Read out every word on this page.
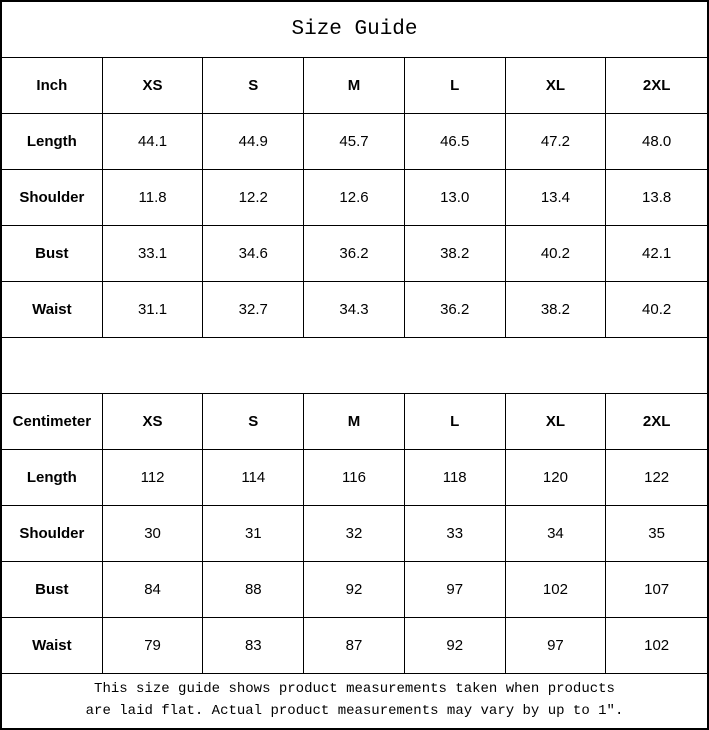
Size Guide
Inch	XS	S	M	L	XL	2XL
Length	44.1	44.9	45.7	46.5	47.2	48.0
Shoulder	11.8	12.2	12.6	13.0	13.4	13.8
Bust	33.1	34.6	36.2	38.2	40.2	42.1
Waist	31.1	32.7	34.3	36.2	38.2	40.2
Centimeter	XS	S	M	L	XL	2XL
Length	112	114	116	118	120	122
Shoulder	30	31	32	33	34	35
Bust	84	88	92	97	102	107
Waist	79	83	87	92	97	102
This size guide shows product measurements taken when products
are laid flat. Actual product measurements may vary by up to 1″.
